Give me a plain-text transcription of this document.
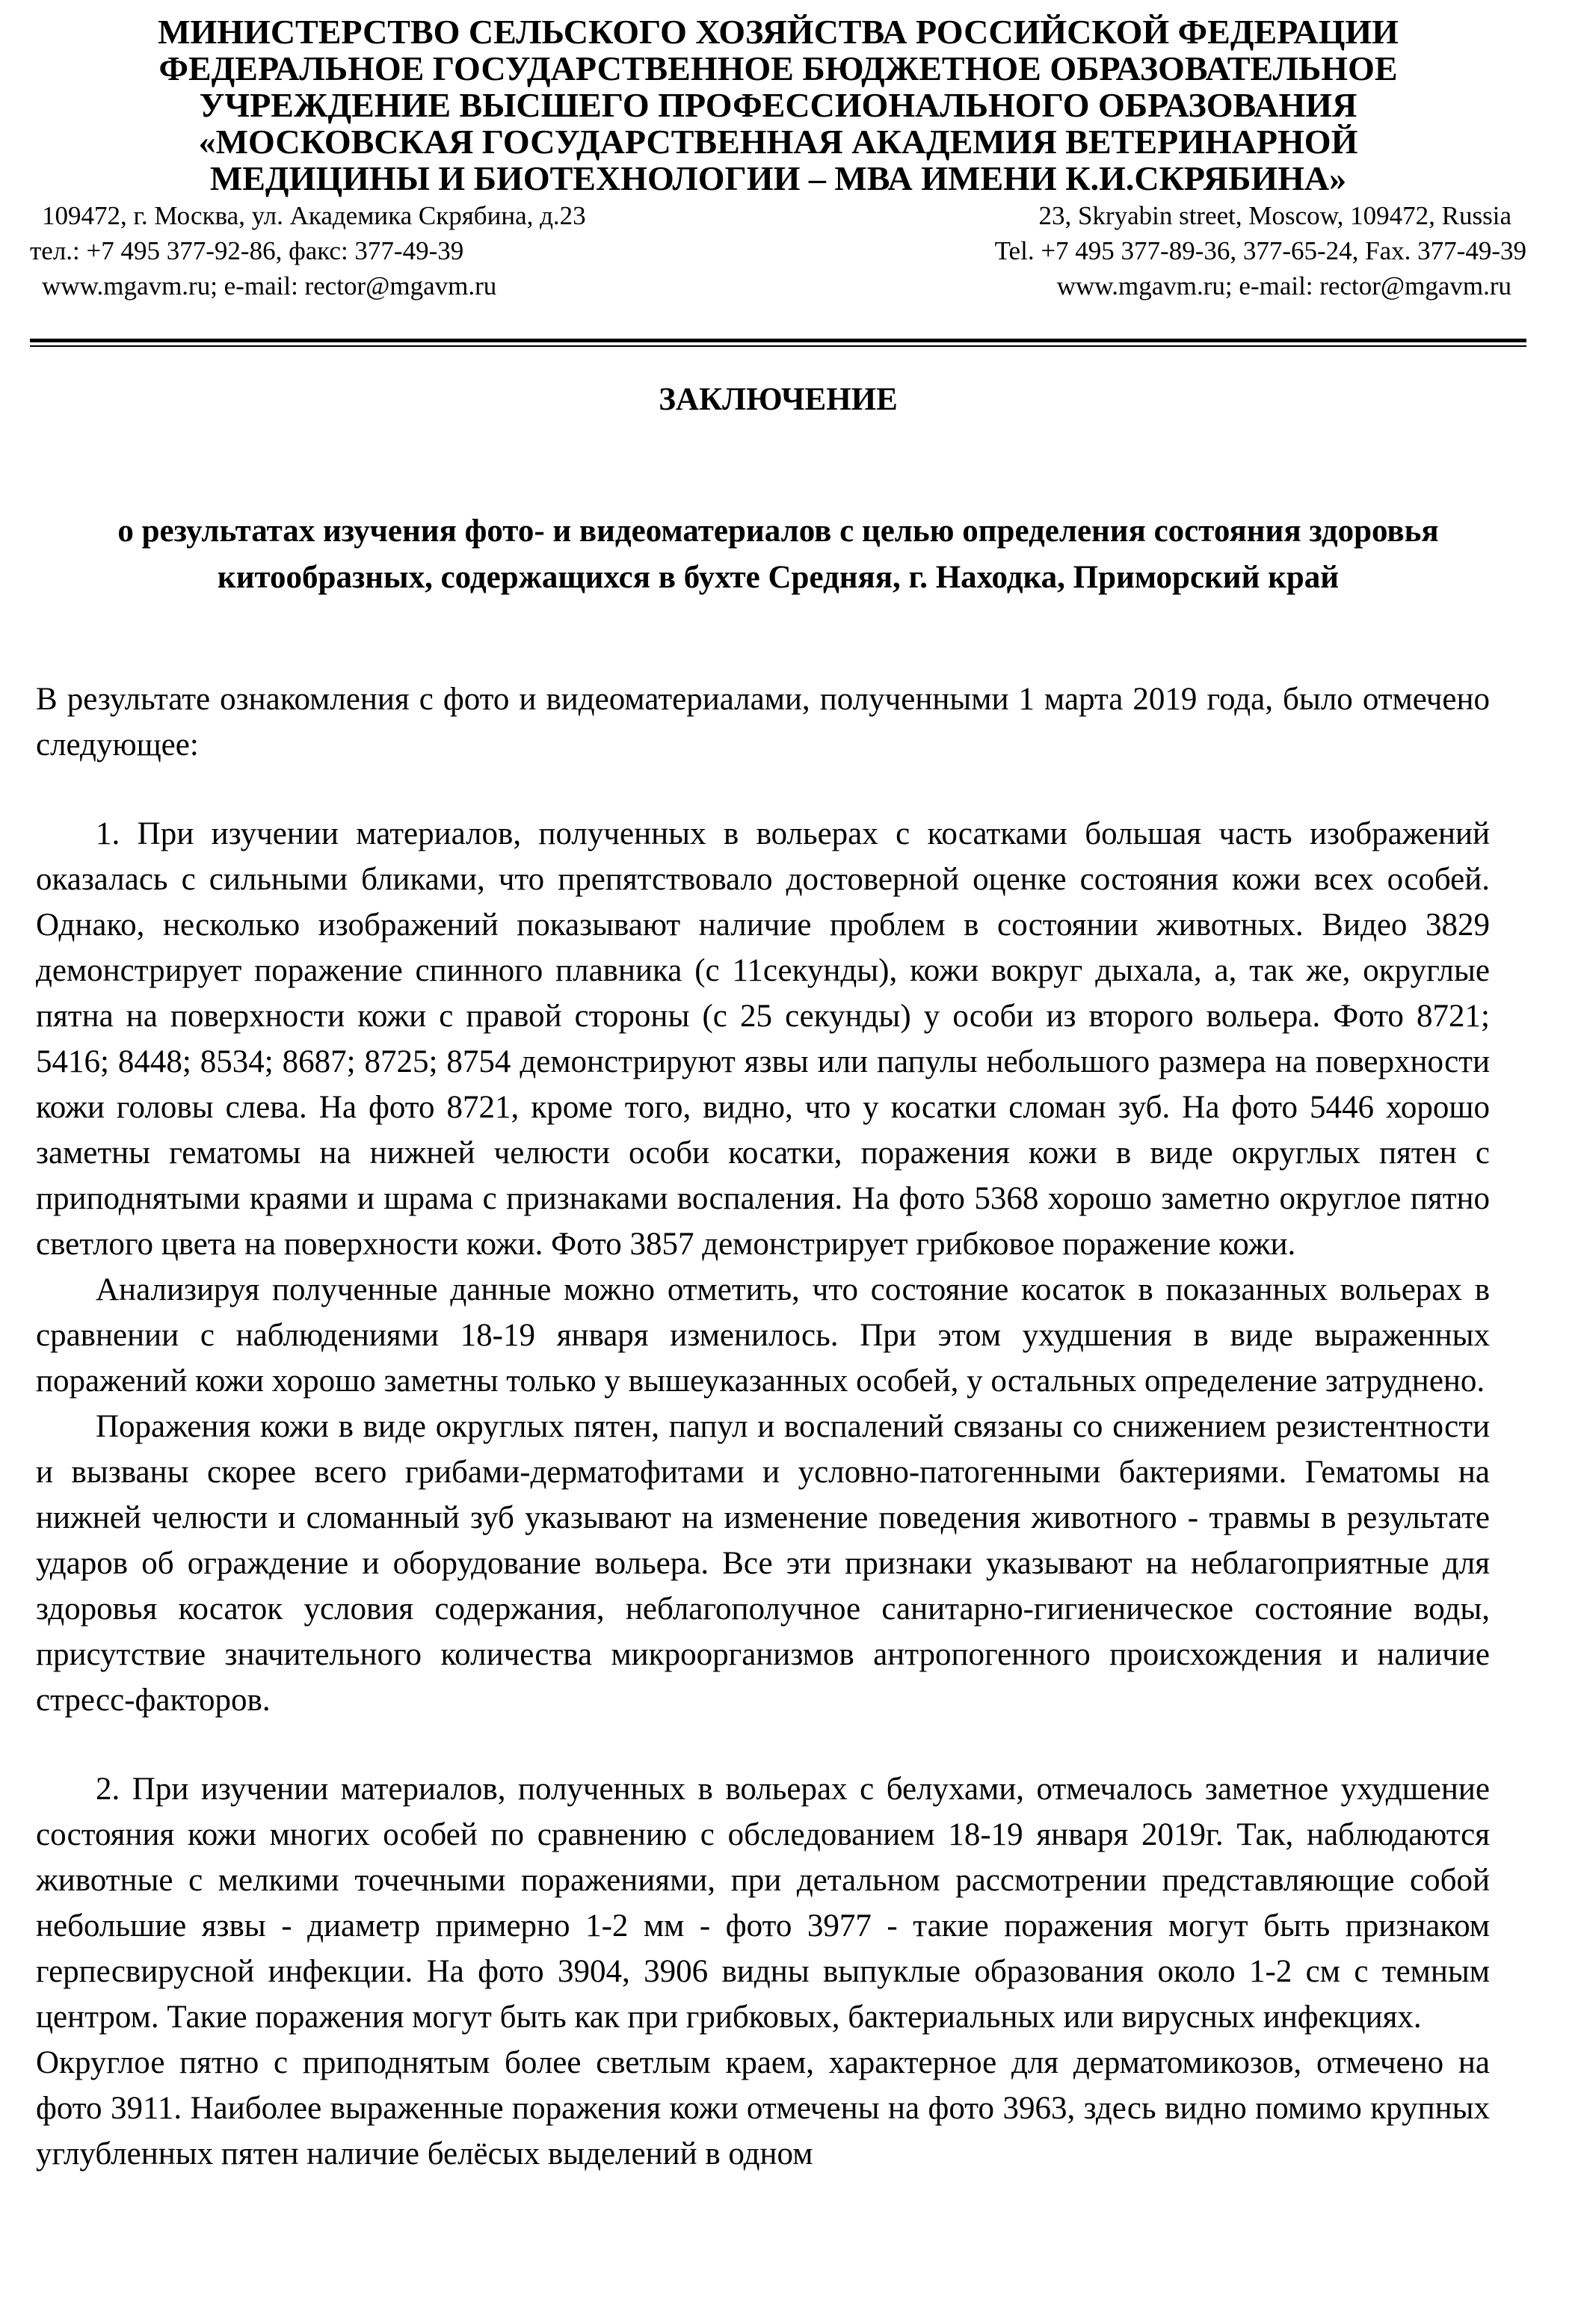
МИНИСТЕРСТВО СЕЛЬСКОГО ХОЗЯЙСТВА РОССИЙСКОЙ ФЕДЕРАЦИИ
ФЕДЕРАЛЬНОЕ ГОСУДАРСТВЕННОЕ БЮДЖЕТНОЕ ОБРАЗОВАТЕЛЬНОЕ
УЧРЕЖДЕНИЕ ВЫСШЕГО ПРОФЕССИОНАЛЬНОГО ОБРАЗОВАНИЯ
«МОСКОВСКАЯ ГОСУДАРСТВЕННАЯ АКАДЕМИЯ ВЕТЕРИНАРНОЙ
МЕДИЦИНЫ И БИОТЕХНОЛОГИИ – МВА ИМЕНИ К.И.СКРЯБИНА»
109472, г. Москва, ул. Академика Скрябина, д.23	23, Skryabin street, Moscow, 109472, Russia
тел.: +7 495 377-92-86, факс: 377-49-39	Tel. +7 495 377-89-36, 377-65-24, Fax. 377-49-39
www.mgavm.ru; e-mail: rector@mgavm.ru	www.mgavm.ru; e-mail: rector@mgavm.ru
ЗАКЛЮЧЕНИЕ
о результатах изучения фото- и видеоматериалов с целью определения состояния здоровья китообразных, содержащихся в бухте Средняя, г. Находка, Приморский край

В результате ознакомления с фото и видеоматериалами, полученными 1 марта 2019 года, было отмечено следующее:

1. При изучении материалов, полученных в вольерах с косатками большая часть изображений оказалась с сильными бликами, что препятствовало достоверной оценке состояния кожи всех особей. Однако, несколько изображений показывают наличие проблем в состоянии животных. Видео 3829 демонстрирует поражение спинного плавника (с 11секунды), кожи вокруг дыхала, а, так же, округлые пятна на поверхности кожи с правой стороны (с 25 секунды) у особи из второго вольера. Фото 8721; 5416; 8448; 8534; 8687; 8725; 8754 демонстрируют язвы или папулы небольшого размера на поверхности кожи головы слева. На фото 8721, кроме того, видно, что у косатки сломан зуб. На фото 5446 хорошо заметны гематомы на нижней челюсти особи косатки, поражения кожи в виде округлых пятен с приподнятыми краями и шрама с признаками воспаления. На фото 5368 хорошо заметно округлое пятно светлого цвета на поверхности кожи. Фото 3857 демонстрирует грибковое поражение кожи.

Анализируя полученные данные можно отметить, что состояние косаток в показанных вольерах в сравнении с наблюдениями 18-19 января изменилось. При этом ухудшения в виде выраженных поражений кожи хорошо заметны только у вышеуказанных особей, у остальных определение затруднено.

Поражения кожи в виде округлых пятен, папул и воспалений связаны со снижением резистентности и вызваны скорее всего грибами-дерматофитами и условно-патогенными бактериями. Гематомы на нижней челюсти и сломанный зуб указывают на изменение поведения животного - травмы в результате ударов об ограждение и оборудование вольера. Все эти признаки указывают на неблагоприятные для здоровья косаток условия содержания, неблагополучное санитарно-гигиеническое состояние воды, присутствие значительного количества микроорганизмов антропогенного происхождения и наличие стресс-факторов.

2. При изучении материалов, полученных в вольерах с белухами, отмечалось заметное ухудшение состояния кожи многих особей по сравнению с обследованием 18-19 января 2019г. Так, наблюдаются животные с мелкими точечными поражениями, при детальном рассмотрении представляющие собой небольшие язвы - диаметр примерно 1-2 мм - фото 3977 - такие поражения могут быть признаком герпесвирусной инфекции. На фото 3904, 3906 видны выпуклые образования около 1-2 см с темным центром. Такие поражения могут быть как при грибковых, бактериальных или вирусных инфекциях.

Округлое пятно с приподнятым более светлым краем, характерное для дерматомикозов, отмечено на фото 3911. Наиболее выраженные поражения кожи отмечены на фото 3963, здесь видно помимо крупных углубленных пятен наличие белёсых выделений в одном
